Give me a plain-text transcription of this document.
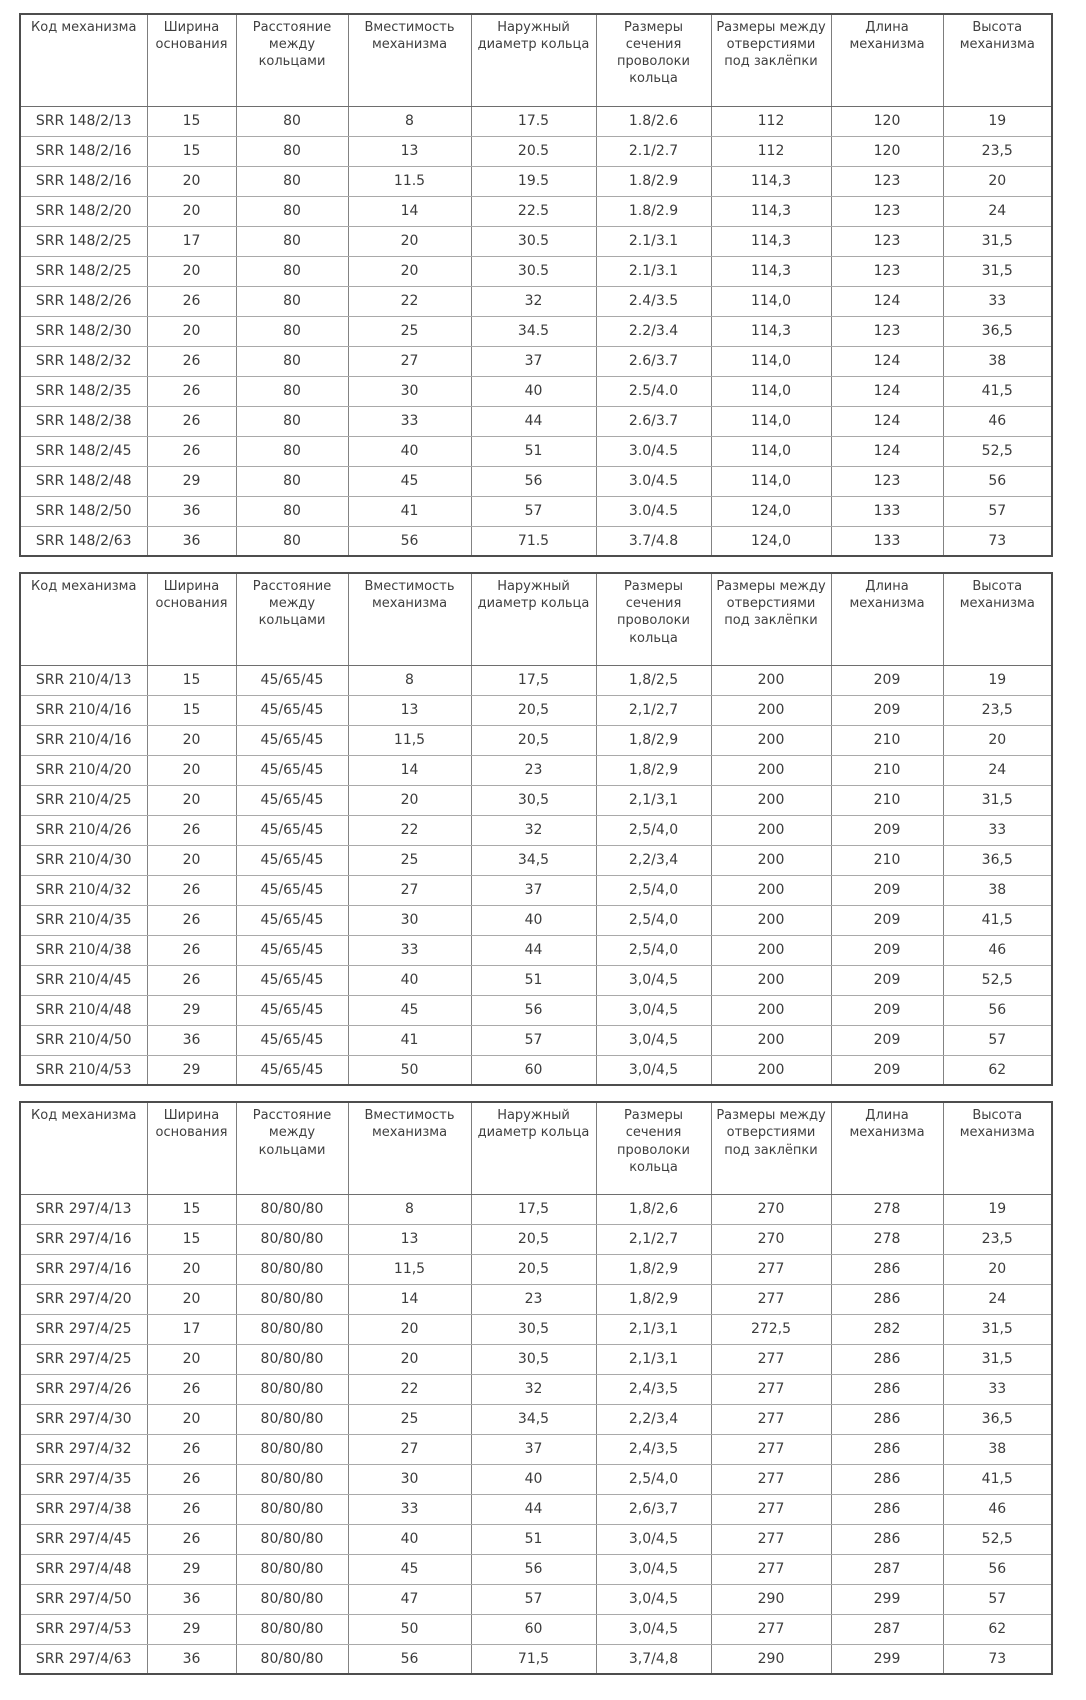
Код механизма	Ширина основания	Расстояние между кольцами	Вместимость механизма	Наружный диаметр кольца	Размеры сечения проволоки кольца	Размеры между отверстиями под заклёпки	Длина механизма	Высота механизма
SRR 148/2/13	15	80	8	17.5	1.8/2.6	112	120	19
SRR 148/2/16	15	80	13	20.5	2.1/2.7	112	120	23,5
SRR 148/2/16	20	80	11.5	19.5	1.8/2.9	114,3	123	20
SRR 148/2/20	20	80	14	22.5	1.8/2.9	114,3	123	24
SRR 148/2/25	17	80	20	30.5	2.1/3.1	114,3	123	31,5
SRR 148/2/25	20	80	20	30.5	2.1/3.1	114,3	123	31,5
SRR 148/2/26	26	80	22	32	2.4/3.5	114,0	124	33
SRR 148/2/30	20	80	25	34.5	2.2/3.4	114,3	123	36,5
SRR 148/2/32	26	80	27	37	2.6/3.7	114,0	124	38
SRR 148/2/35	26	80	30	40	2.5/4.0	114,0	124	41,5
SRR 148/2/38	26	80	33	44	2.6/3.7	114,0	124	46
SRR 148/2/45	26	80	40	51	3.0/4.5	114,0	124	52,5
SRR 148/2/48	29	80	45	56	3.0/4.5	114,0	123	56
SRR 148/2/50	36	80	41	57	3.0/4.5	124,0	133	57
SRR 148/2/63	36	80	56	71.5	3.7/4.8	124,0	133	73
Код механизма	Ширина основания	Расстояние между кольцами	Вместимость механизма	Наружный диаметр кольца	Размеры сечения проволоки кольца	Размеры между отверстиями под заклёпки	Длина механизма	Высота механизма
SRR 210/4/13	15	45/65/45	8	17,5	1,8/2,5	200	209	19
SRR 210/4/16	15	45/65/45	13	20,5	2,1/2,7	200	209	23,5
SRR 210/4/16	20	45/65/45	11,5	20,5	1,8/2,9	200	210	20
SRR 210/4/20	20	45/65/45	14	23	1,8/2,9	200	210	24
SRR 210/4/25	20	45/65/45	20	30,5	2,1/3,1	200	210	31,5
SRR 210/4/26	26	45/65/45	22	32	2,5/4,0	200	209	33
SRR 210/4/30	20	45/65/45	25	34,5	2,2/3,4	200	210	36,5
SRR 210/4/32	26	45/65/45	27	37	2,5/4,0	200	209	38
SRR 210/4/35	26	45/65/45	30	40	2,5/4,0	200	209	41,5
SRR 210/4/38	26	45/65/45	33	44	2,5/4,0	200	209	46
SRR 210/4/45	26	45/65/45	40	51	3,0/4,5	200	209	52,5
SRR 210/4/48	29	45/65/45	45	56	3,0/4,5	200	209	56
SRR 210/4/50	36	45/65/45	41	57	3,0/4,5	200	209	57
SRR 210/4/53	29	45/65/45	50	60	3,0/4,5	200	209	62
Код механизма	Ширина основания	Расстояние между кольцами	Вместимость механизма	Наружный диаметр кольца	Размеры сечения проволоки кольца	Размеры между отверстиями под заклёпки	Длина механизма	Высота механизма
SRR 297/4/13	15	80/80/80	8	17,5	1,8/2,6	270	278	19
SRR 297/4/16	15	80/80/80	13	20,5	2,1/2,7	270	278	23,5
SRR 297/4/16	20	80/80/80	11,5	20,5	1,8/2,9	277	286	20
SRR 297/4/20	20	80/80/80	14	23	1,8/2,9	277	286	24
SRR 297/4/25	17	80/80/80	20	30,5	2,1/3,1	272,5	282	31,5
SRR 297/4/25	20	80/80/80	20	30,5	2,1/3,1	277	286	31,5
SRR 297/4/26	26	80/80/80	22	32	2,4/3,5	277	286	33
SRR 297/4/30	20	80/80/80	25	34,5	2,2/3,4	277	286	36,5
SRR 297/4/32	26	80/80/80	27	37	2,4/3,5	277	286	38
SRR 297/4/35	26	80/80/80	30	40	2,5/4,0	277	286	41,5
SRR 297/4/38	26	80/80/80	33	44	2,6/3,7	277	286	46
SRR 297/4/45	26	80/80/80	40	51	3,0/4,5	277	286	52,5
SRR 297/4/48	29	80/80/80	45	56	3,0/4,5	277	287	56
SRR 297/4/50	36	80/80/80	47	57	3,0/4,5	290	299	57
SRR 297/4/53	29	80/80/80	50	60	3,0/4,5	277	287	62
SRR 297/4/63	36	80/80/80	56	71,5	3,7/4,8	290	299	73
